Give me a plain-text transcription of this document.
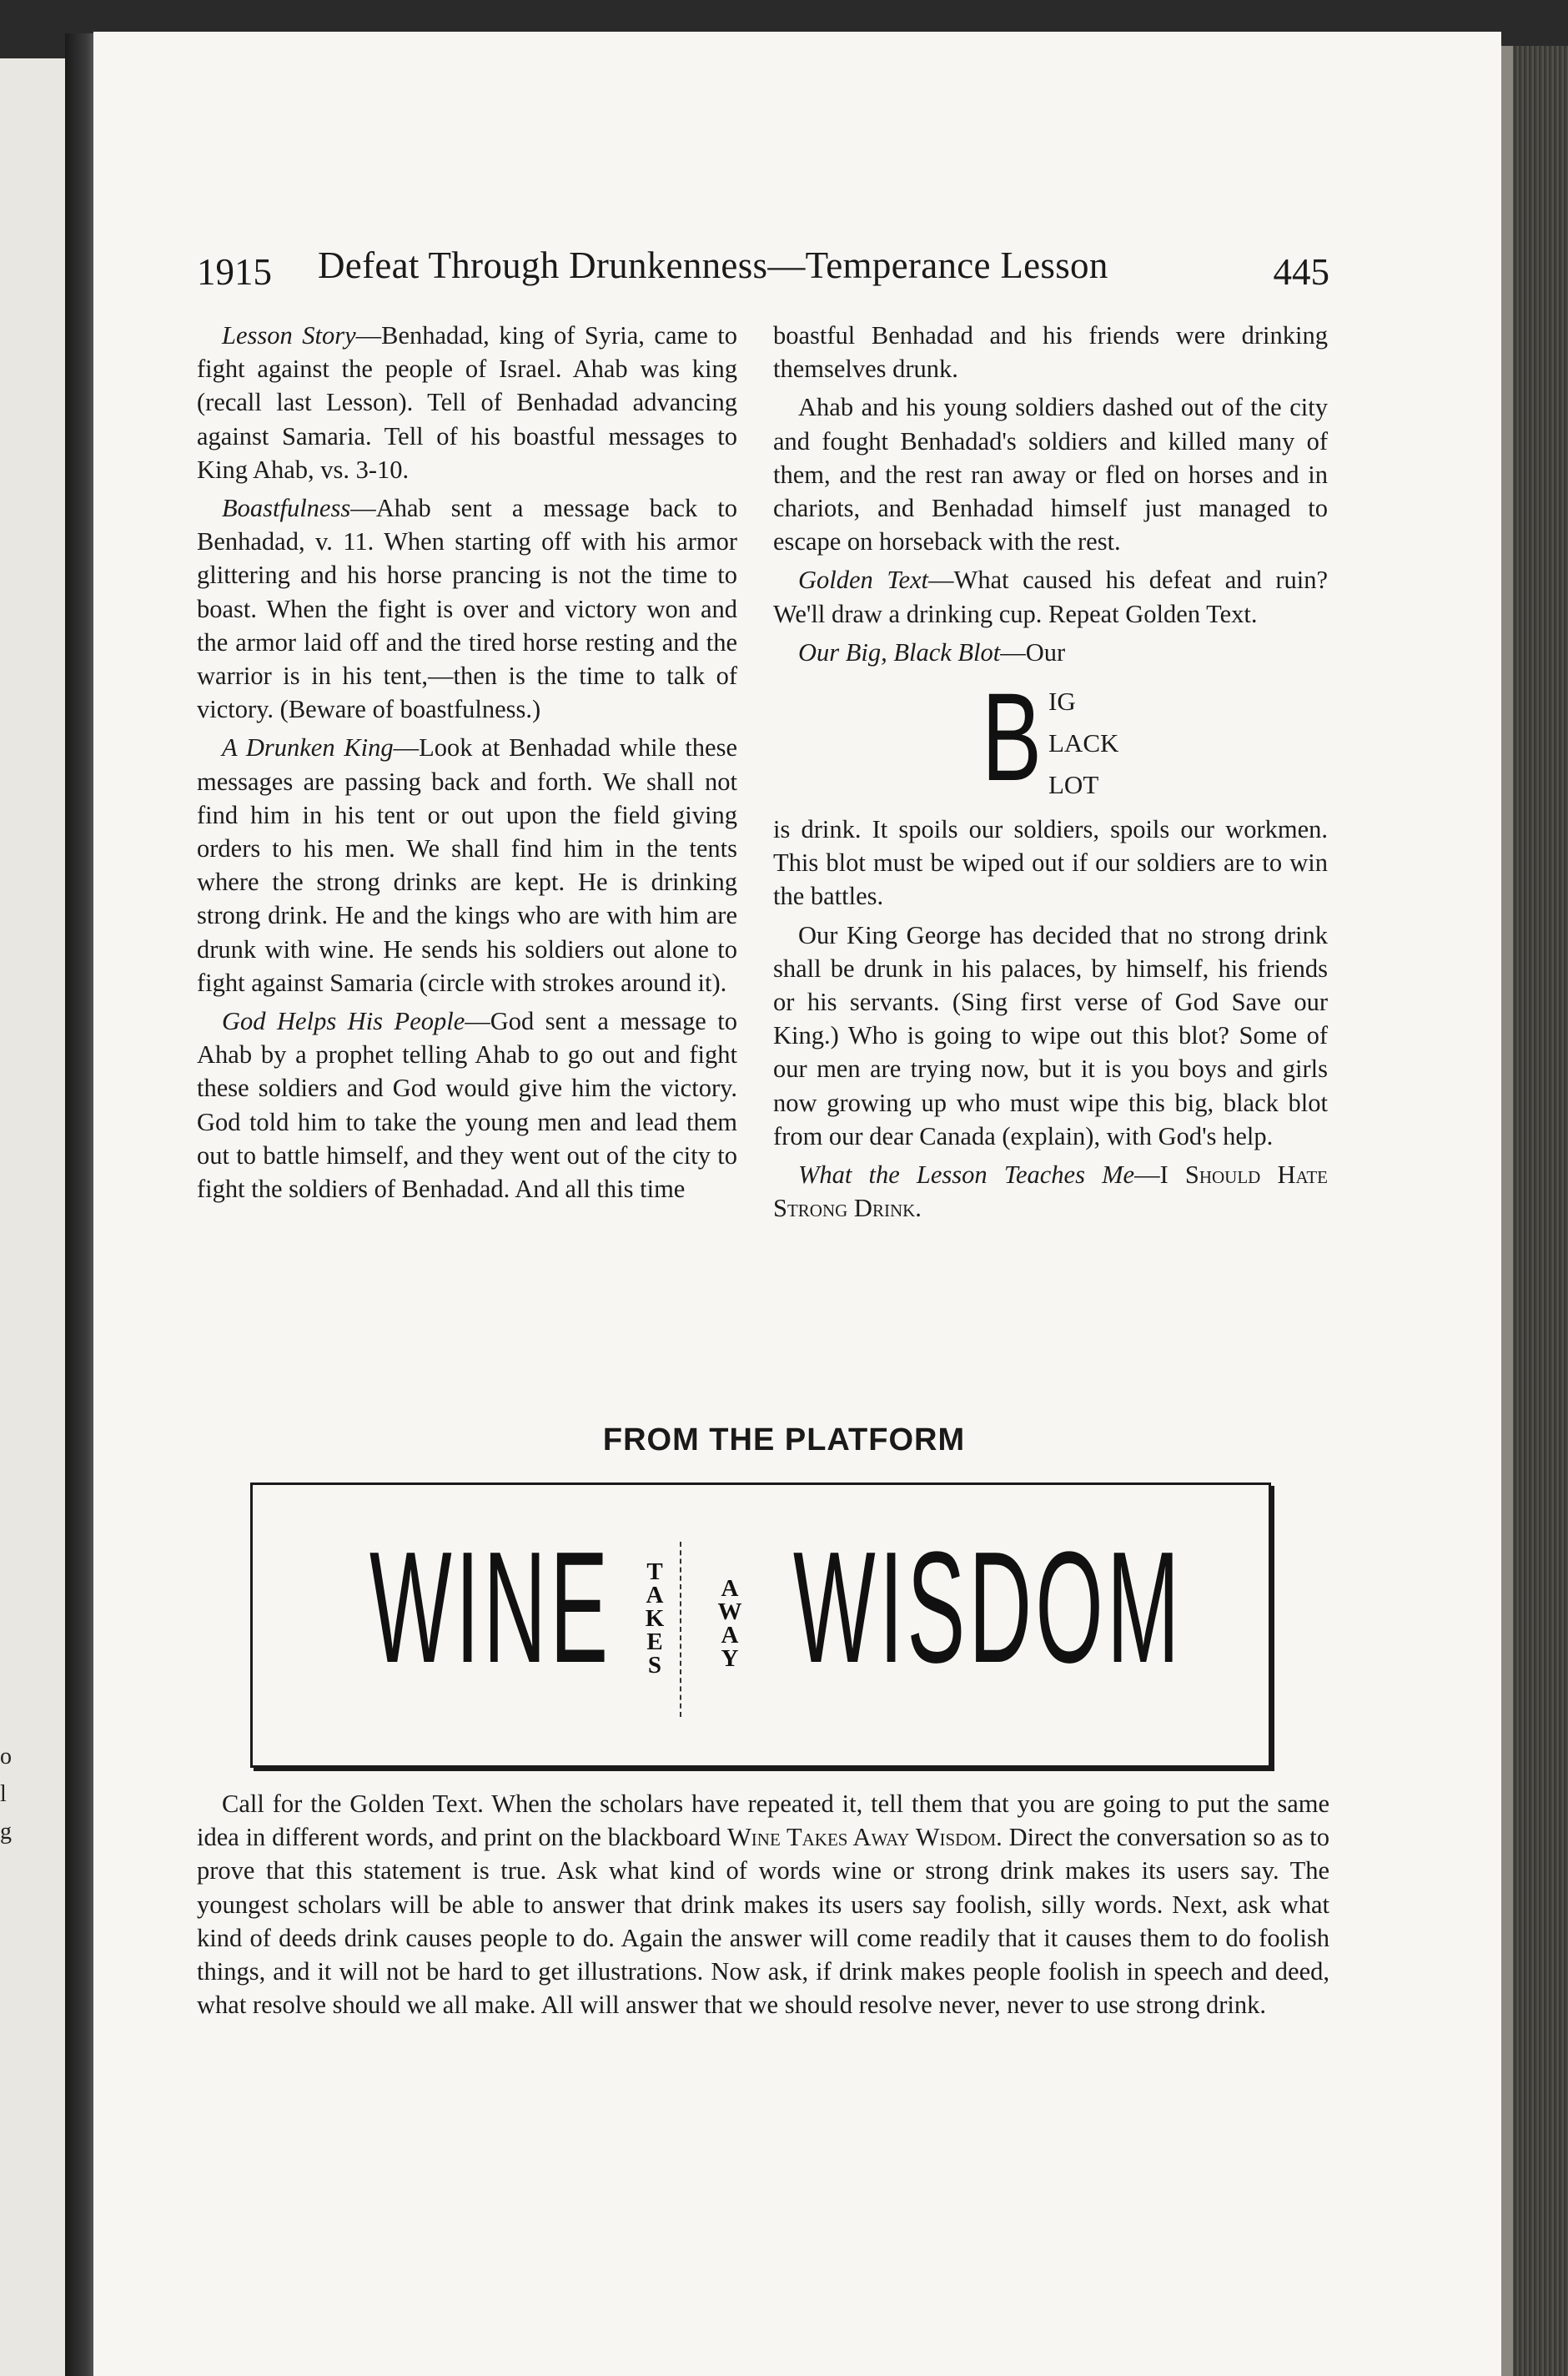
o
l
g
1915 Defeat Through Drunkenness—Temperance Lesson	445

Lesson Story—Benhadad, king of Syria, came to fight against the people of Israel. Ahab was king (recall last Lesson). Tell of Benhadad advancing against Samaria. Tell of his boastful messages to King Ahab, vs. 3-10.

Boastfulness—Ahab sent a message back to Benhadad, v. 11. When starting off with his armor glittering and his horse prancing is not the time to boast. When the fight is over and victory won and the armor laid off and the tired horse resting and the warrior is in his tent,—then is the time to talk of victory. (Beware of boastfulness.)

A Drunken King—Look at Benhadad while these messages are passing back and forth. We shall not find him in his tent or out upon the field giving orders to his men. We shall find him in the tents where the strong drinks are kept. He is drinking strong drink. He and the kings who are with him are drunk with wine. He sends his soldiers out alone to fight against Samaria (circle with strokes around it).

God Helps His People—God sent a message to Ahab by a prophet telling Ahab to go out and fight these soldiers and God would give him the victory. God told him to take the young men and lead them out to battle himself, and they went out of the city to fight the soldiers of Benhadad. And all this time

boastful Benhadad and his friends were drinking themselves drunk.

Ahab and his young soldiers dashed out of the city and fought Benhadad's soldiers and killed many of them, and the rest ran away or fled on horses and in chariots, and Benhadad himself just managed to escape on horseback with the rest.

Golden Text—What caused his defeat and ruin? We'll draw a drinking cup. Repeat Golden Text.

Our Big, Black Blot—Our

B IG
LACK
LOT

is drink. It spoils our soldiers, spoils our workmen. This blot must be wiped out if our soldiers are to win the battles.

Our King George has decided that no strong drink shall be drunk in his palaces, by himself, his friends or his servants. (Sing first verse of God Save our King.) Who is going to wipe out this blot? Some of our men are trying now, but it is you boys and girls now growing up who must wipe this big, black blot from our dear Canada (explain), with God's help.

What the Lesson Teaches Me—I Should Hate Strong Drink.

FROM THE PLATFORM
WINE T
A
K
E
S
A
W
A
Y WISDOM

Call for the Golden Text. When the scholars have repeated it, tell them that you are going to put the same idea in different words, and print on the blackboard Wine Takes Away Wisdom. Direct the conversation so as to prove that this statement is true. Ask what kind of words wine or strong drink makes its users say. The youngest scholars will be able to answer that drink makes its users say foolish, silly words. Next, ask what kind of deeds drink causes people to do. Again the answer will come readily that it causes them to do foolish things, and it will not be hard to get illustrations. Now ask, if drink makes people foolish in speech and deed, what resolve should we all make. All will answer that we should resolve never, never to use strong drink.
